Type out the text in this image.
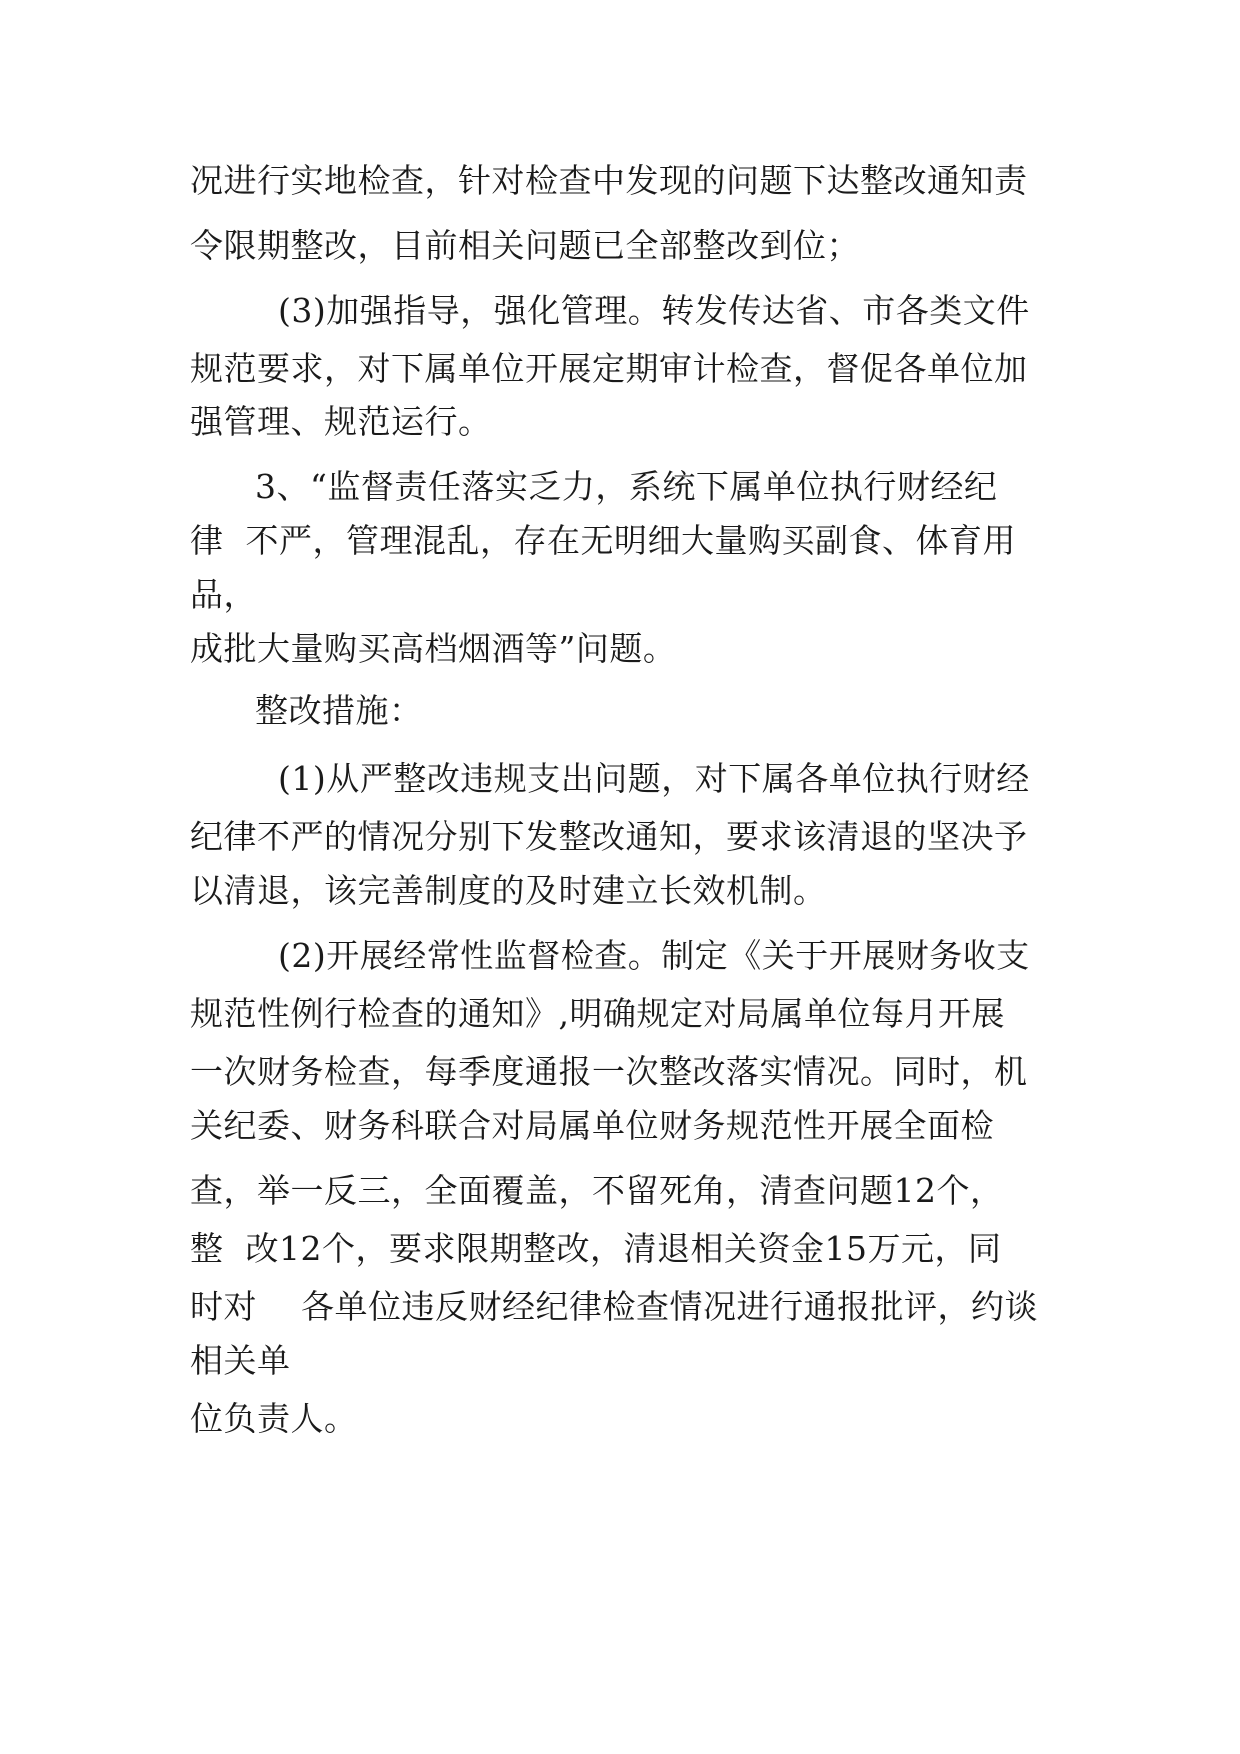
况进行实地检查，针对检查中发现的问题下达整改通知责
令限期整改，目前相关问题已全部整改到位；
(3)加强指导，强化管理。转发传达省、市各类文件
规范要求，对下属单位开展定期审计检查，督促各单位加
强管理、规范运行。
3、“监督责任落实乏力，系统下属单位执行财经纪
律  不严，管理混乱，存在无明细大量购买副食、体育用
品，
成批大量购买高档烟酒等”问题。
整改措施：
(1)从严整改违规支出问题，对下属各单位执行财经
纪律不严的情况分别下发整改通知，要求该清退的坚决予
以清退，该完善制度的及时建立长效机制。
(2)开展经常性监督检查。制定《关于开展财务收支
规范性例行检查的通知》,明确规定对局属单位每月开展
一次财务检查，每季度通报一次整改落实情况。同时，机
关纪委、财务科联合对局属单位财务规范性开展全面检
查，举一反三，全面覆盖，不留死角，清查问题12个，
整  改12个，要求限期整改，清退相关资金15万元，同
时对    各单位违反财经纪律检查情况进行通报批评，约谈
相关单
位负责人。
